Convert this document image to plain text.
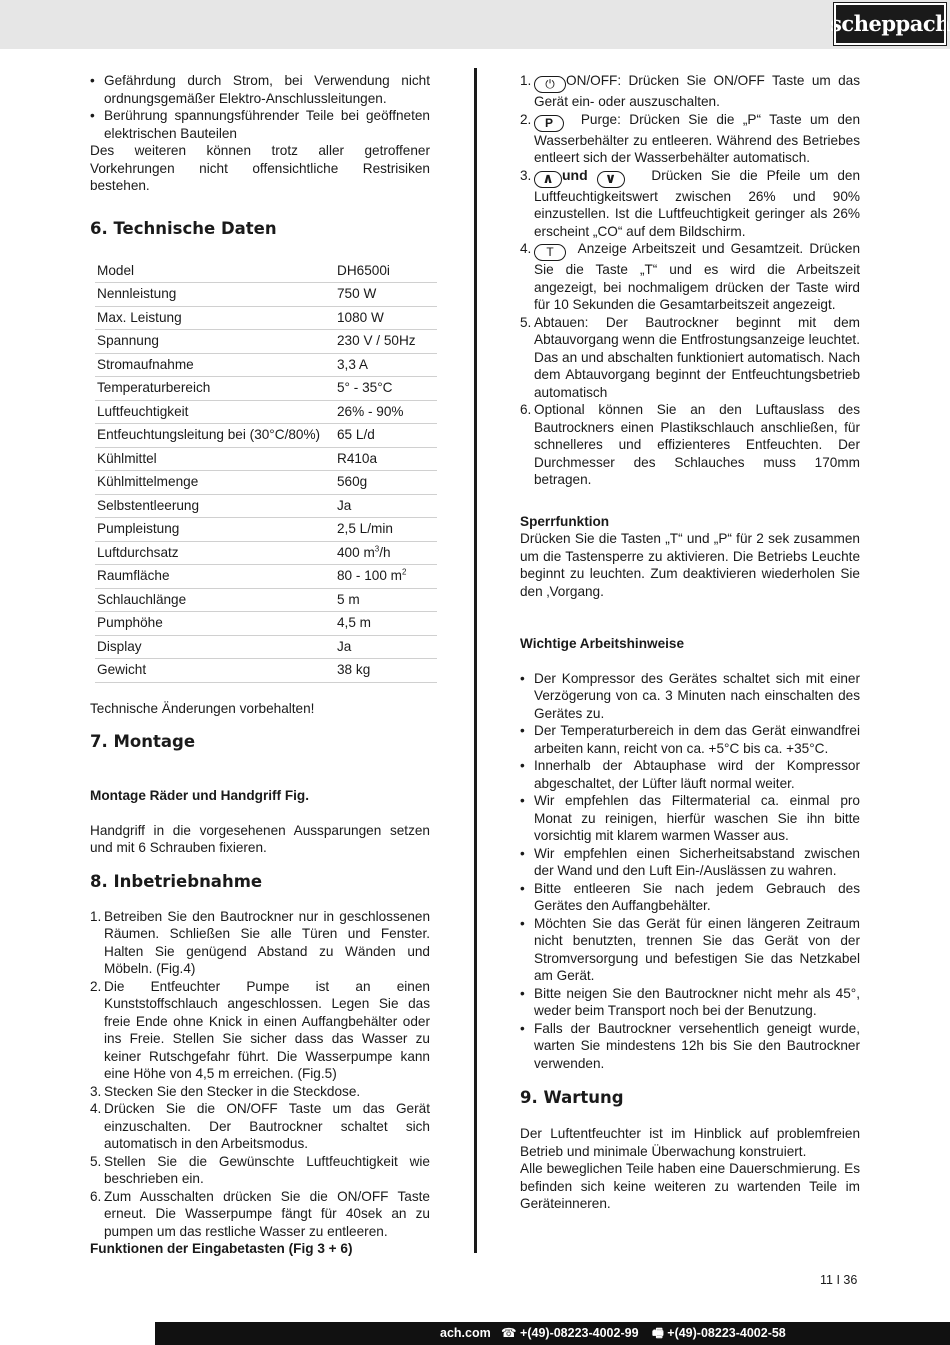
scheppach
• Gefährdung durch Strom, bei Verwendung nicht ordnungsgemäßer Elektro-Anschlussleitungen.
• Berührung spannungsführender Teile bei geöffneten elektrischen Bauteilen

Des weiteren können trotz aller getroffener Vorkehrungen nicht offensichtliche Restrisiken bestehen.

6. Technische Daten
Model	DH6500i
Nennleistung	750 W
Max. Leistung	1080 W
Spannung	230 V / 50Hz
Stromaufnahme	3,3 A
Temperaturbereich	5° - 35°C
Luftfeuchtigkeit	26% - 90%
Entfeuchtungsleitung bei (30°C/80%)	65 L/d
Kühlmittel	R410a
Kühlmittelmenge	560g
Selbstentleerung	Ja
Pumpleistung	2,5 L/min
Luftdurchsatz	400 $m^3/h$
Raumfläche	80 - 100 $m^2$
Schlauchlänge	5 m
Pumphöhe	4,5 m
Display	Ja
Gewicht	38 kg

Technische Änderungen vorbehalten!

7. Montage
Montage Räder und Handgriff Fig.

Handgriff in die vorgesehenen Aussparungen setzen und mit 6 Schrauben fixieren.

8. Inbetriebnahme
1. Betreiben Sie den Bautrockner nur in geschlossenen Räumen. Schließen Sie alle Türen und Fenster. Halten Sie genügend Abstand zu Wänden und Möbeln. (Fig.4)
2. Die Entfeuchter Pumpe ist an einen Kunststoffschlauch angeschlossen. Legen Sie das freie Ende ohne Knick in einen Auffangbehälter oder ins Freie. Stellen Sie sicher dass das Wasser zu keiner Rutschgefahr führt. Die Wasserpumpe kann eine Höhe von 4,5 m erreichen. (Fig.5)
3. Stecken Sie den Stecker in die Steckdose.
4. Drücken Sie die ON/OFF Taste um das Gerät einzuschalten. Der Bautrockner schaltet sich automatisch in den Arbeitsmodus.
5. Stellen Sie die Gewünschte Luftfeuchtigkeit wie beschrieben ein.
6. Zum Ausschalten drücken Sie die ON/OFF Taste erneut. Die Wasserpumpe fängt für 40sek an zu pumpen um das restliche Wasser zu entleeren.
Funktionen der Eingabetasten (Fig 3 + 6)
1. ⏻ ON/OFF: Drücken Sie ON/OFF Taste um das Gerät ein- oder auszuschalten.
2. P Purge: Drücken Sie die „P“ Taste um den Wasserbehälter zu entleeren. Während des Betriebes entleert sich der Wasserbehälter automatisch.
3. ∧ und ∨	Drücken Sie die Pfeile um den Luftfeuchtigkeitswert zwischen 26% und 90% einzustellen. Ist die Luftfeuchtigkeit geringer als 26% erscheint „CO“ auf dem Bildschirm.
4. T Anzeige Arbeitszeit und Gesamtzeit. Drücken Sie die Taste „T“ und es wird die Arbeitszeit angezeigt, bei nochmaligem drücken der Taste wird für 10 Sekunden die Gesamtarbeitszeit angezeigt.
5. Abtauen: Der Bautrockner beginnt mit dem Abtauvorgang wenn die Entfrostungsanzeige leuchtet. Das an und abschalten funktioniert automatisch. Nach dem Abtauvorgang beginnt der Entfeuchtungsbetrieb automatisch
6. Optional können Sie an den Luftauslass des Bautrockners einen Plastikschlauch anschließen, für schnelleres und effizienteres Entfeuchten. Der Durchmesser des Schlauches muss 170mm betragen.
Sperrfunktion

Drücken Sie die Tasten „T“ und „P“ für 2 sek zusammen um die Tastensperre zu aktivieren. Die Betriebs Leuchte beginnt zu leuchten. Zum deaktivieren wiederholen Sie den ‚Vorgang.

Wichtige Arbeitshinweise
• Der Kompressor des Gerätes schaltet sich mit einer Verzögerung von ca. 3 Minuten nach einschalten des Gerätes zu.
• Der Temperaturbereich in dem das Gerät einwandfrei arbeiten kann, reicht von ca. +5°C bis ca. +35°C.
• Innerhalb der Abtauphase wird der Kompressor abgeschaltet, der Lüfter läuft normal weiter.
• Wir empfehlen das Filtermaterial ca. einmal pro Monat zu reinigen, hierfür waschen Sie ihn bitte vorsichtig mit klarem warmen Wasser aus.
• Wir empfehlen einen Sicherheitsabstand zwischen der Wand und den Luft Ein-/Auslässen zu wahren.
• Bitte entleeren Sie nach jedem Gebrauch des Gerätes den Auffangbehälter.
• Möchten Sie das Gerät für einen längeren Zeitraum nicht benutzten, trennen Sie das Gerät von der Stromversorgung und befestigen Sie das Netzkabel am Gerät.
• Bitte neigen Sie den Bautrockner nicht mehr als 45°, weder beim Transport noch bei der Benutzung.
• Falls der Bautrockner versehentlich geneigt wurde, warten Sie mindestens 12h bis Sie den Bautrockner verwenden.
9. Wartung

Der Luftentfeuchter ist im Hinblick auf problemfreien Betrieb und minimale Überwachung konstruiert.

Alle beweglichen Teile haben eine Dauerschmierung. Es befinden sich keine weiteren zu wartenden Teile im Geräteinneren.

11 I 36
ach.com ☎ +(49)-08223-4002-99 🖷 +(49)-08223-4002-58
